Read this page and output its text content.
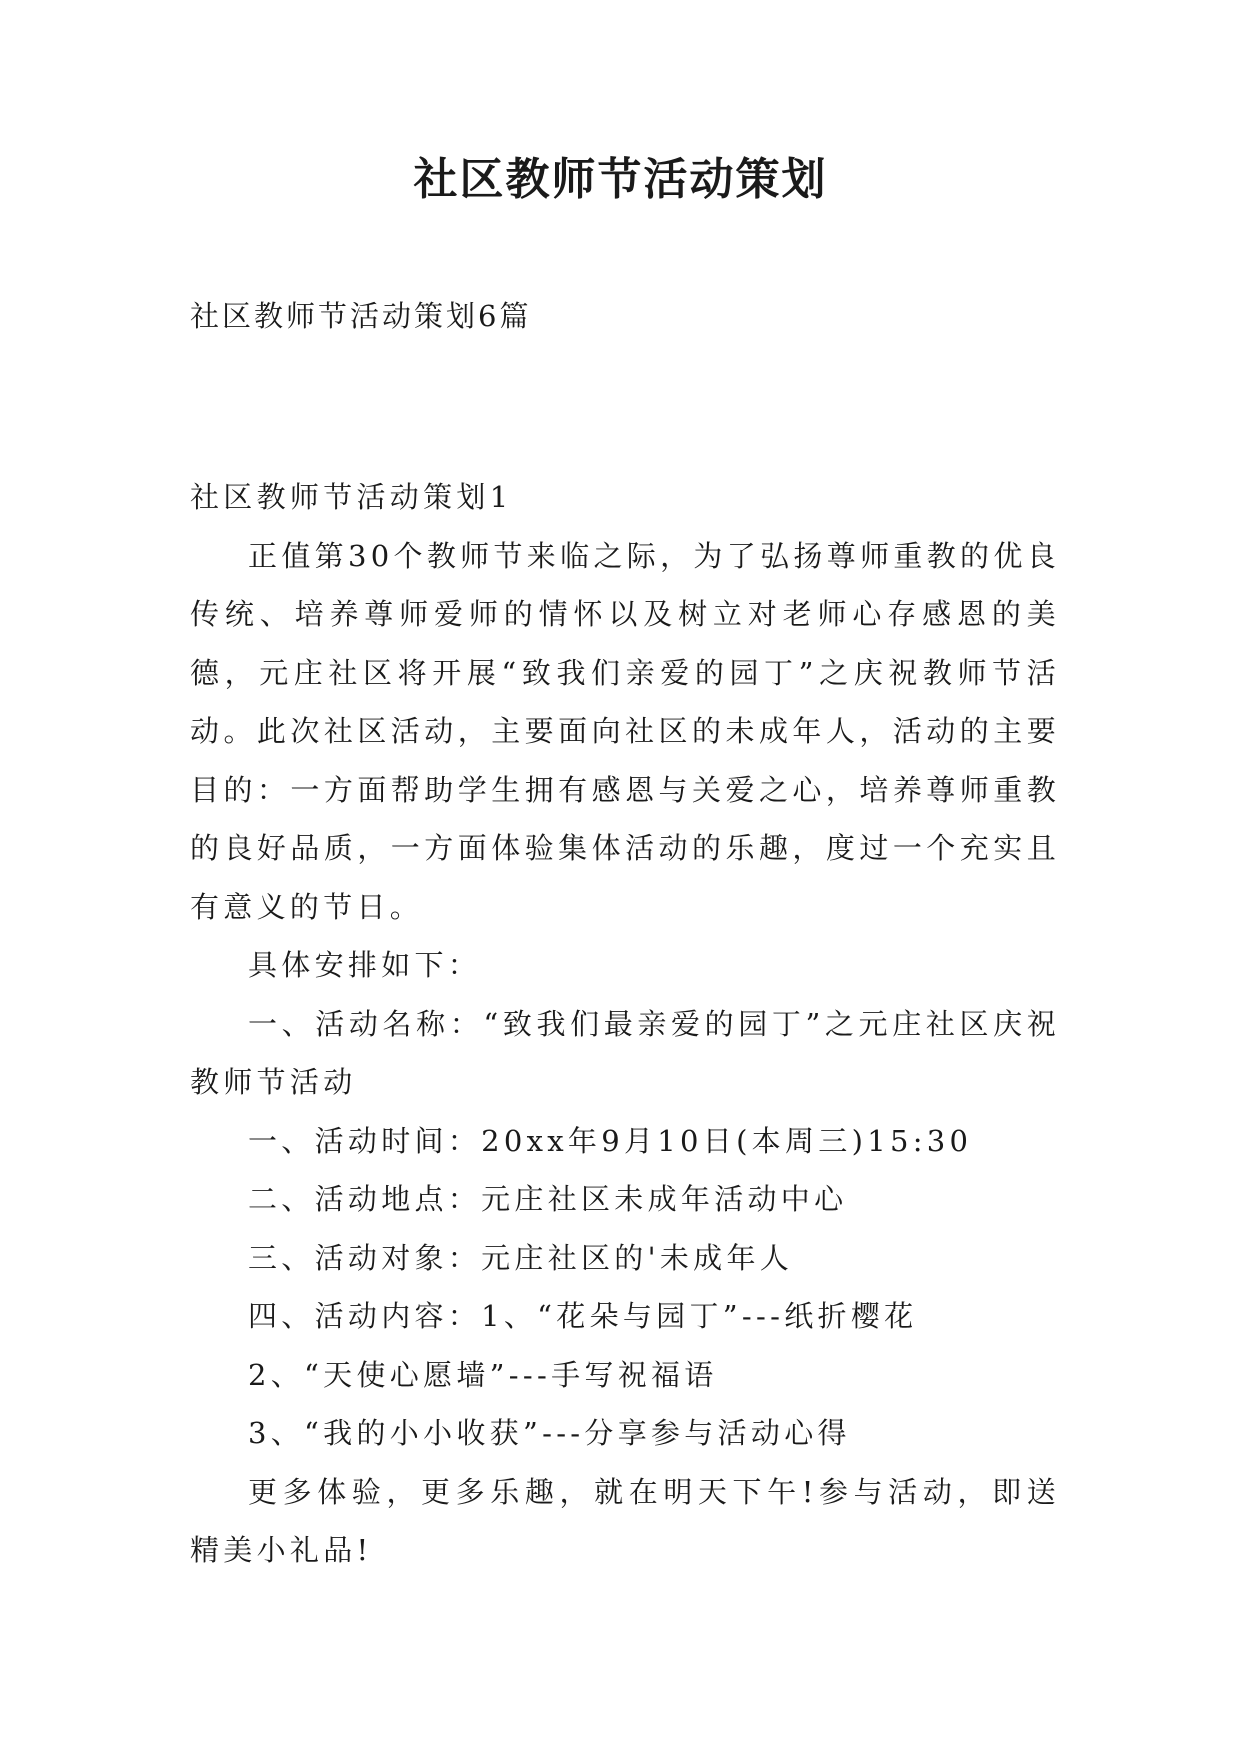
社区教师节活动策划
社区教师节活动策划6篇

社区教师节活动策划1

正值第30个教师节来临之际，为了弘扬尊师重教的优良传统、培养尊师爱师的情怀以及树立对老师心存感恩的美德，元庄社区将开展“致我们亲爱的园丁”之庆祝教师节活动。此次社区活动，主要面向社区的未成年人，活动的主要目的：一方面帮助学生拥有感恩与关爱之心，培养尊师重教的良好品质，一方面体验集体活动的乐趣，度过一个充实且有意义的节日。

具体安排如下：

一、活动名称：“致我们最亲爱的园丁”之元庄社区庆祝教师节活动

一、活动时间：20xx年9月10日(本周三)15:30

二、活动地点：元庄社区未成年活动中心

三、活动对象：元庄社区的'未成年人

四、活动内容：1、“花朵与园丁”---纸折樱花

2、“天使心愿墙”---手写祝福语

3、“我的小小收获”---分享参与活动心得

更多体验，更多乐趣，就在明天下午!参与活动，即送精美小礼品!
